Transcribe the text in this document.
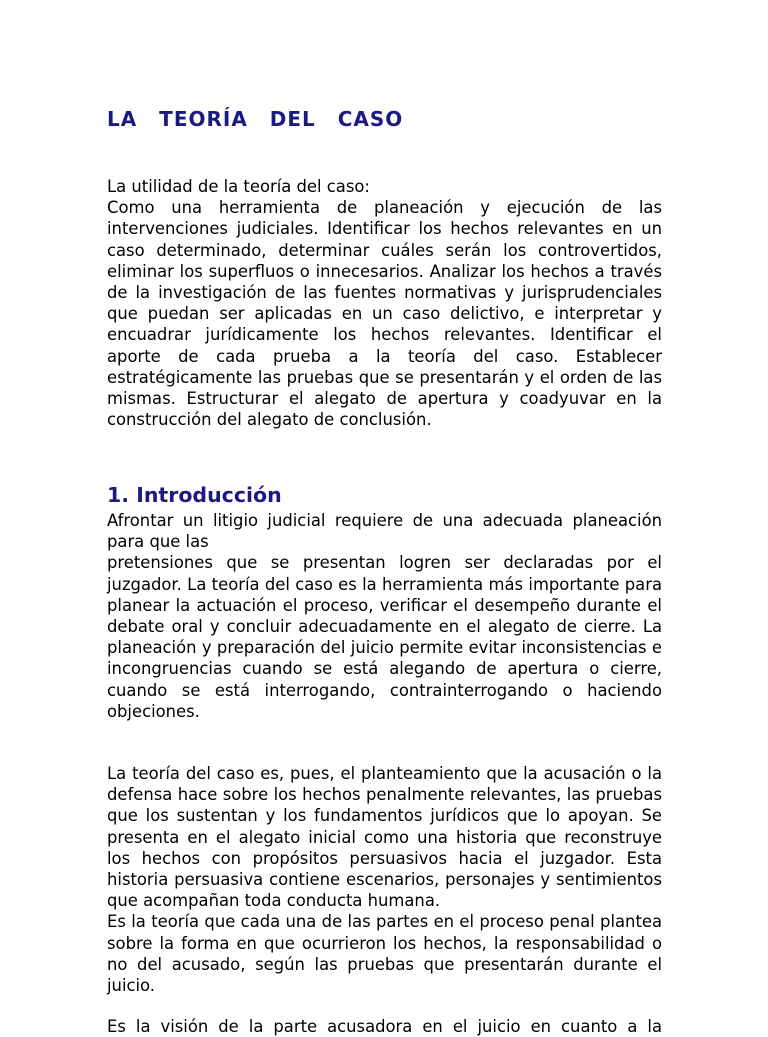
LA TEORÍA DEL CASO

La utilidad de la teoría del caso:

Como una herramienta de planeación y ejecución de las intervenciones judiciales. Identificar los hechos relevantes en un caso determinado, determinar cuáles serán los controvertidos, eliminar los superfluos o innecesarios. Analizar los hechos a través de la investigación de las fuentes normativas y jurisprudenciales que puedan ser aplicadas en un caso delictivo, e interpretar y encuadrar jurídicamente los hechos relevantes. Identificar el aporte de cada prueba a la teoría del caso. Establecer estratégicamente las pruebas que se presentarán y el orden de las mismas. Estructurar el alegato de apertura y coadyuvar en la construcción del alegato de conclusión.

1. Introducción

Afrontar un litigio judicial requiere de una adecuada planeación para que las

pretensiones que se presentan logren ser declaradas por el juzgador. La teoría del caso es la herramienta más importante para planear la actuación el proceso, verificar el desempeño durante el debate oral y concluir adecuadamente en el alegato de cierre. La planeación y preparación del juicio permite evitar inconsistencias e incongruencias cuando se está alegando de apertura o cierre, cuando se está interrogando, contrainterrogando o haciendo objeciones.

La teoría del caso es, pues, el planteamiento que la acusación o la defensa hace sobre los hechos penalmente relevantes, las pruebas que los sustentan y los fundamentos jurídicos que lo apoyan. Se presenta en el alegato inicial como una historia que reconstruye los hechos con propósitos persuasivos hacia el juzgador. Esta historia persuasiva contiene escenarios, personajes y sentimientos que acompañan toda conducta humana.

Es la teoría que cada una de las partes en el proceso penal plantea sobre la forma en que ocurrieron los hechos, la responsabilidad o no del acusado, según las pruebas que presentarán durante el juicio.

Es la visión de la parte acusadora en el juicio en cuanto a la
